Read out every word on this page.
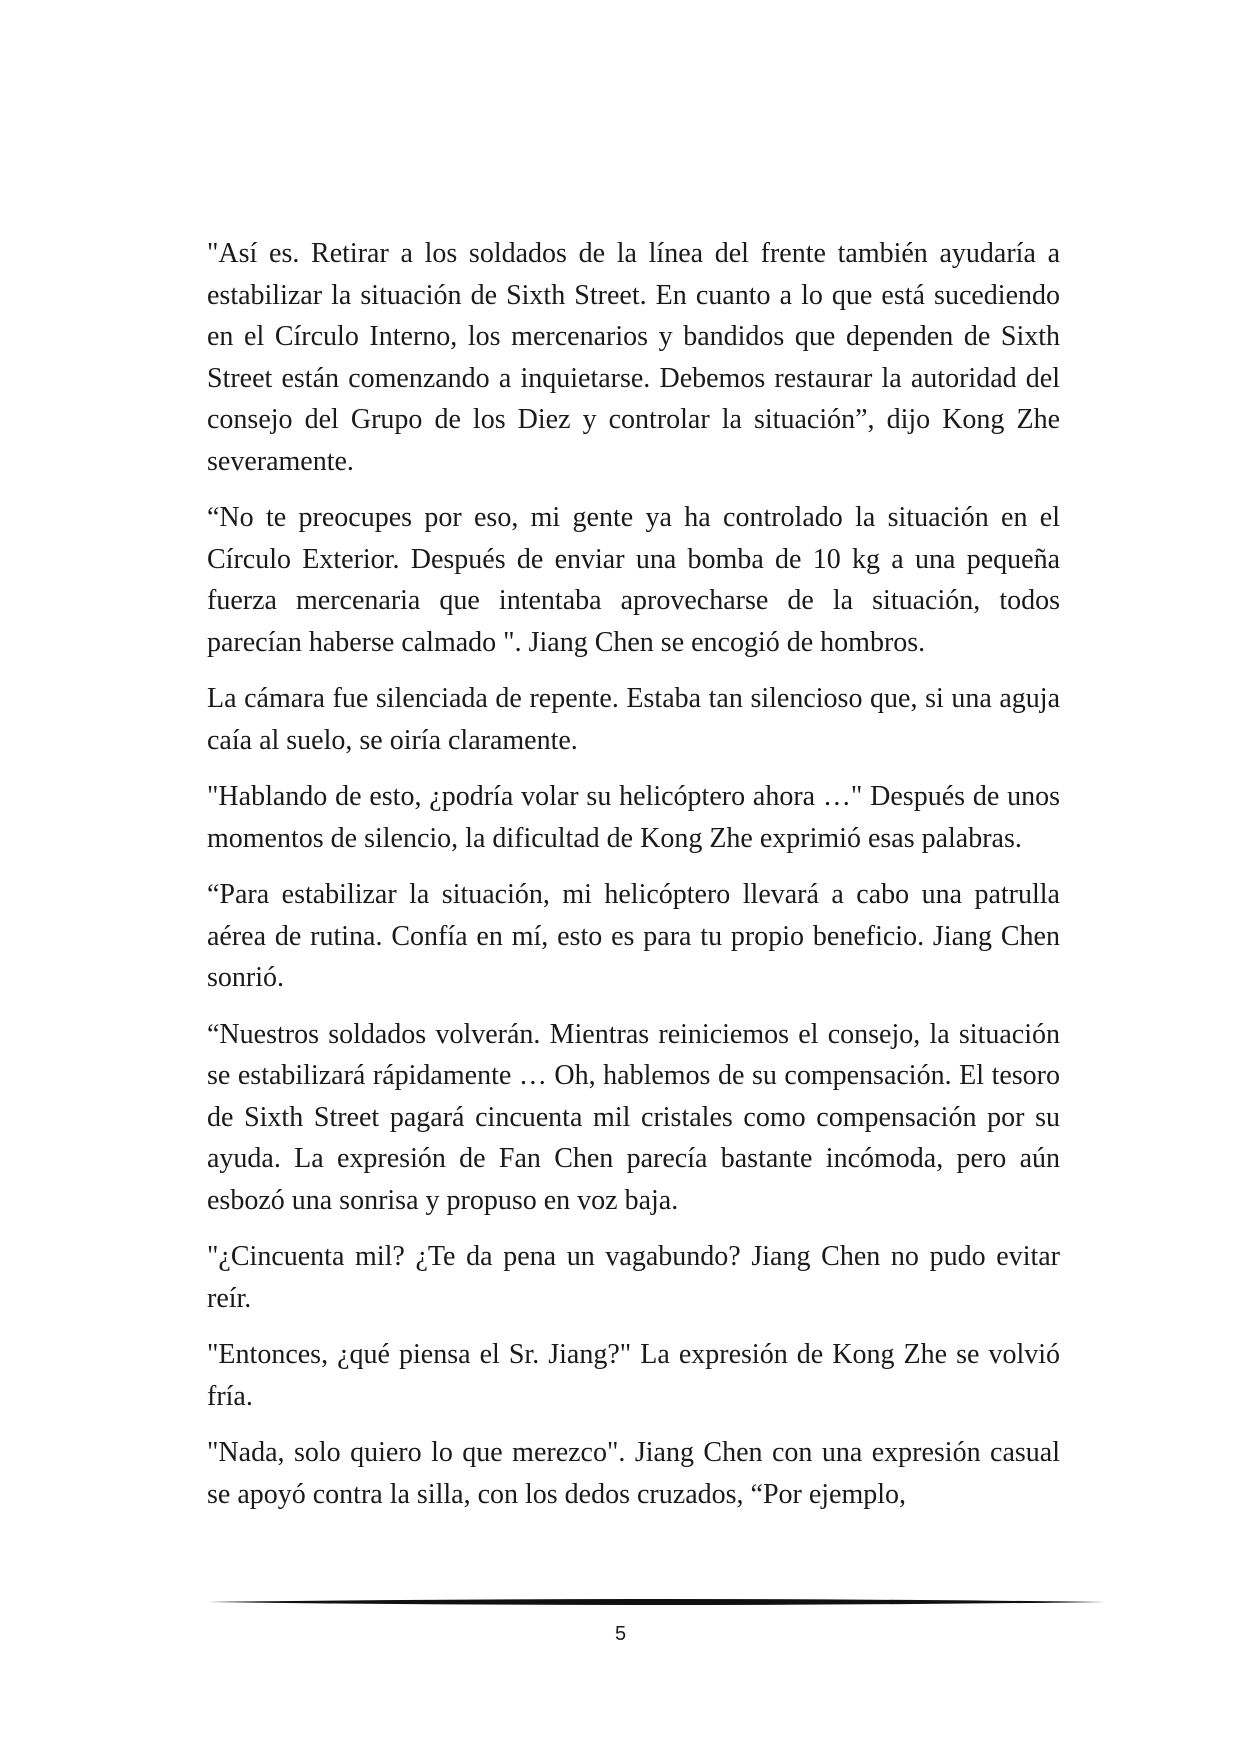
"Así es. Retirar a los soldados de la línea del frente también ayudaría a estabilizar la situación de Sixth Street. En cuanto a lo que está sucediendo en el Círculo Interno, los mercenarios y bandidos que dependen de Sixth Street están comenzando a inquietarse. Debemos restaurar la autoridad del consejo del Grupo de los Diez y controlar la situación”, dijo Kong Zhe severamente.

“No te preocupes por eso, mi gente ya ha controlado la situación en el Círculo Exterior. Después de enviar una bomba de 10 kg a una pequeña fuerza mercenaria que intentaba aprovecharse de la situación, todos parecían haberse calmado ". Jiang Chen se encogió de hombros.

La cámara fue silenciada de repente. Estaba tan silencioso que, si una aguja caía al suelo, se oiría claramente.

"Hablando de esto, ¿podría volar su helicóptero ahora …" Después de unos momentos de silencio, la dificultad de Kong Zhe exprimió esas palabras.

“Para estabilizar la situación, mi helicóptero llevará a cabo una patrulla aérea de rutina. Confía en mí, esto es para tu propio beneficio. Jiang Chen sonrió.

“Nuestros soldados volverán. Mientras reiniciemos el consejo, la situación se estabilizará rápidamente … Oh, hablemos de su compensación. El tesoro de Sixth Street pagará cincuenta mil cristales como compensación por su ayuda. La expresión de Fan Chen parecía bastante incómoda, pero aún esbozó una sonrisa y propuso en voz baja.

"¿Cincuenta mil? ¿Te da pena un vagabundo? Jiang Chen no pudo evitar reír.

"Entonces, ¿qué piensa el Sr. Jiang?" La expresión de Kong Zhe se volvió fría.

"Nada, solo quiero lo que merezco". Jiang Chen con una expresión casual se apoyó contra la silla, con los dedos cruzados, “Por ejemplo,

5
